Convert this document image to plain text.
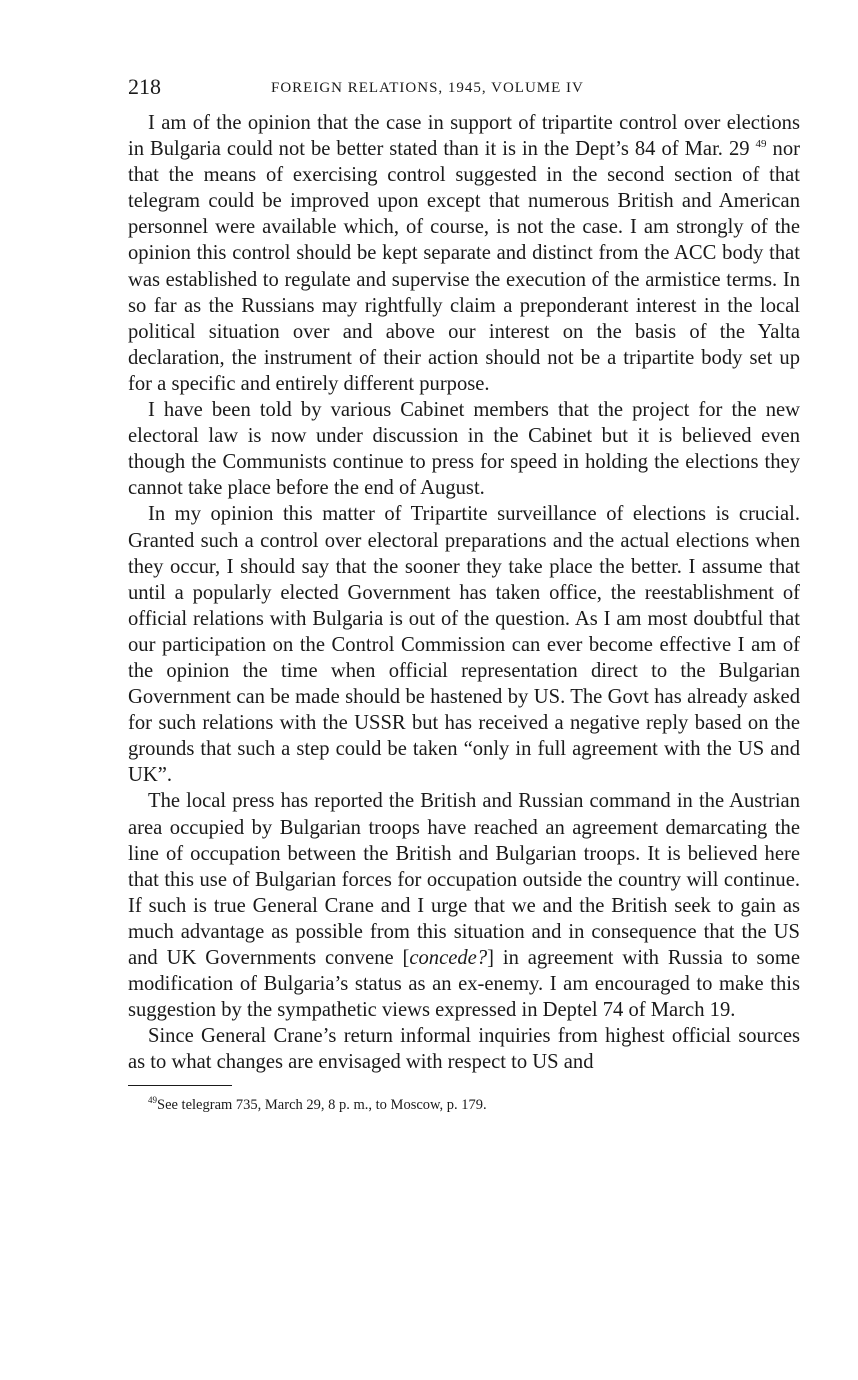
218	FOREIGN RELATIONS, 1945, VOLUME IV

I am of the opinion that the case in support of tripartite control over elections in Bulgaria could not be better stated than it is in the Dept’s 84 of Mar. 29 $^{49}$ nor that the means of exercising control suggested in the second section of that telegram could be improved upon except that numerous British and American personnel were available which, of course, is not the case. I am strongly of the opinion this control should be kept separate and distinct from the ACC body that was established to regulate and supervise the execution of the armistice terms. In so far as the Russians may rightfully claim a preponderant interest in the local political situation over and above our interest on the basis of the Yalta declaration, the instrument of their action should not be a tripartite body set up for a specific and entirely different purpose.

I have been told by various Cabinet members that the project for the new electoral law is now under discussion in the Cabinet but it is believed even though the Communists continue to press for speed in holding the elections they cannot take place before the end of August.

In my opinion this matter of Tripartite surveillance of elections is crucial. Granted such a control over electoral preparations and the actual elections when they occur, I should say that the sooner they take place the better. I assume that until a popularly elected Government has taken office, the reestablishment of official relations with Bulgaria is out of the question. As I am most doubtful that our participation on the Control Commission can ever become effective I am of the opinion the time when official representation direct to the Bulgarian Government can be made should be hastened by US. The Govt has already asked for such relations with the USSR but has received a negative reply based on the grounds that such a step could be taken “only in full agreement with the US and UK”.

The local press has reported the British and Russian command in the Austrian area occupied by Bulgarian troops have reached an agreement demarcating the line of occupation between the British and Bulgarian troops. It is believed here that this use of Bulgarian forces for occupation outside the country will continue. If such is true General Crane and I urge that we and the British seek to gain as much advantage as possible from this situation and in consequence that the US and UK Governments convene [concede?] in agreement with Russia to some modification of Bulgaria’s status as an ex-enemy. I am encouraged to make this suggestion by the sympathetic views expressed in Deptel 74 of March 19.

Since General Crane’s return informal inquiries from highest official sources as to what changes are envisaged with respect to US and

$^{49}$See telegram 735, March 29, 8 p. m., to Moscow, p. 179.
